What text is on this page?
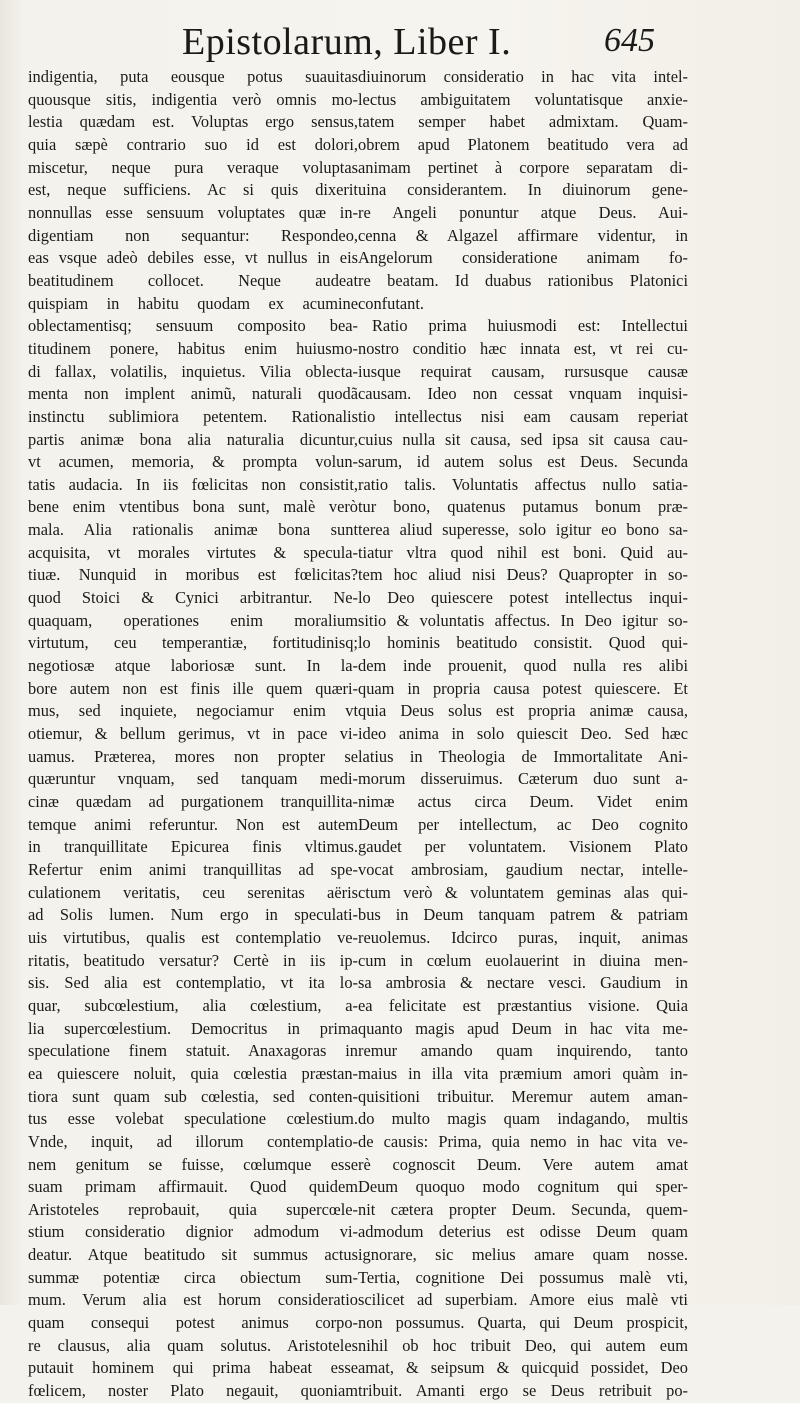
Epistolarum, Liber I.	645
indigentia, puta eousque potus suauitas
quousque sitis, indigentia verò omnis mo-
lestia quædam est. Voluptas ergo sensus,
quia sæpè contrario suo id est dolori,
miscetur, neque pura veraque voluptas
est, neque sufficiens. Ac si quis dixerit
nonnullas esse sensuum voluptates quæ in-
digentiam non sequantur: Respondeo,
eas vsque adeò debiles esse, vt nullus in eis
beatitudinem collocet. Neque audeat
quispiam in habitu quodam ex acumine
oblectamentisq; sensuum composito bea-
titudinem ponere, habitus enim huiusmo-
di fallax, volatilis, inquietus. Vilia oblecta-
menta non implent animũ, naturali quodã
instinctu sublimiora petentem. Rationalis
partis animæ bona alia naturalia dicuntur,
vt acumen, memoria, & prompta volun-
tatis audacia. In iis fœlicitas non consistit,
bene enim vtentibus bona sunt, malè verò
mala. Alia rationalis animæ bona sunt
acquisita, vt morales virtutes & specula-
tiuæ. Nunquid in moribus est fœlicitas?
quod Stoici & Cynici arbitrantur. Ne-
quaquam, operationes enim moralium
virtutum, ceu temperantiæ, fortitudinisq;
negotiosæ atque laboriosæ sunt. In la-
bore autem non est finis ille quem quæri-
mus, sed inquiete, negociamur enim vt
otiemur, & bellum gerimus, vt in pace vi-
uamus. Præterea, mores non propter se
quæruntur vnquam, sed tanquam medi-
cinæ quædam ad purgationem tranquillita-
temque animi referuntur. Non est autem
in tranquillitate Epicurea finis vltimus.
Refertur enim animi tranquillitas ad spe-
culationem veritatis, ceu serenitas aëris
ad Solis lumen. Num ergo in speculati-
uis virtutibus, qualis est contemplatio ve-
ritatis, beatitudo versatur? Certè in iis ip-
sis. Sed alia est contemplatio, vt ita lo-
quar, subcœlestium, alia cœlestium, a-
lia supercœlestium. Democritus in prima
speculatione finem statuit. Anaxagoras in
ea quiescere noluit, quia cœlestia præstan-
tiora sunt quam sub cœlestia, sed conten-
tus esse volebat speculatione cœlestium.
Vnde, inquit, ad illorum contemplatio-
nem genitum se fuisse, cœlumque esse
suam primam affirmauit. Quod quidem
Aristoteles reprobauit, quia supercœle-
stium consideratio dignior admodum vi-
deatur. Atque beatitudo sit summus actus
summæ potentiæ circa obiectum sum-
mum. Verum alia est horum consideratio
quam consequi potest animus corpo-
re clausus, alia quam solutus. Aristoteles
putauit hominem qui prima habeat esse
fœlicem, noster Plato negauit, quoniam
diuinorum consideratio in hac vita intel-
lectus ambiguitatem voluntatisque anxie-
tatem semper habet admixtam. Quam-
obrem apud Platonem beatitudo vera ad
animam pertinet à corpore separatam di-
uina considerantem. In diuinorum gene-
re Angeli ponuntur atque Deus. Aui-
cenna & Algazel affirmare videntur, in
Angelorum consideratione animam fo-
re beatam. Id duabus rationibus Platonici
confutant.
Ratio prima huiusmodi est: Intellectui
nostro conditio hæc innata est, vt rei cu-
iusque requirat causam, rursusque causæ
causam. Ideo non cessat vnquam inquisi-
tio intellectus nisi eam causam reperiat
cuius nulla sit causa, sed ipsa sit causa cau-
sarum, id autem solus est Deus. Secunda
ratio talis. Voluntatis affectus nullo satia-
tur bono, quatenus putamus bonum præ-
terea aliud superesse, solo igitur eo bono sa-
tiatur vltra quod nihil est boni. Quid au-
tem hoc aliud nisi Deus? Quapropter in so-
lo Deo quiescere potest intellectus inqui-
sitio & voluntatis affectus. In Deo igitur so-
lo hominis beatitudo consistit. Quod qui-
dem inde prouenit, quod nulla res alibi
quam in propria causa potest quiescere. Et
quia Deus solus est propria animæ causa,
ideo anima in solo quiescit Deo. Sed hæc
latius in Theologia de Immortalitate Ani-
morum disseruimus. Cæterum duo sunt a-
nimæ actus circa Deum. Videt enim
Deum per intellectum, ac Deo cognito
gaudet per voluntatem. Visionem Plato
vocat ambrosiam, gaudium nectar, intelle-
ctum verò & voluntatem geminas alas qui-
bus in Deum tanquam patrem & patriam
reuolemus. Idcirco puras, inquit, animas
cum in cœlum euolauerint in diuina men-
sa ambrosia & nectare vesci. Gaudium in
ea felicitate est præstantius visione. Quia
quanto magis apud Deum in hac vita me-
remur amando quam inquirendo, tanto
maius in illa vita præmium amori quàm in-
quisitioni tribuitur. Meremur autem aman-
do multo magis quam indagando, multis
de causis: Prima, quia nemo in hac vita ve-
rè cognoscit Deum. Vere autem amat
Deum quoquo modo cognitum qui sper-
nit cætera propter Deum. Secunda, quem-
admodum deterius est odisse Deum quam
ignorare, sic melius amare quam nosse.
Tertia, cognitione Dei possumus malè vti,
scilicet ad superbiam. Amore eius malè vti
non possumus. Quarta, qui Deum prospicit,
nihil ob hoc tribuit Deo, qui autem eum
amat, & seipsum & quicquid possidet, Deo
tribuit. Amanti ergo se Deus retribuit po-
